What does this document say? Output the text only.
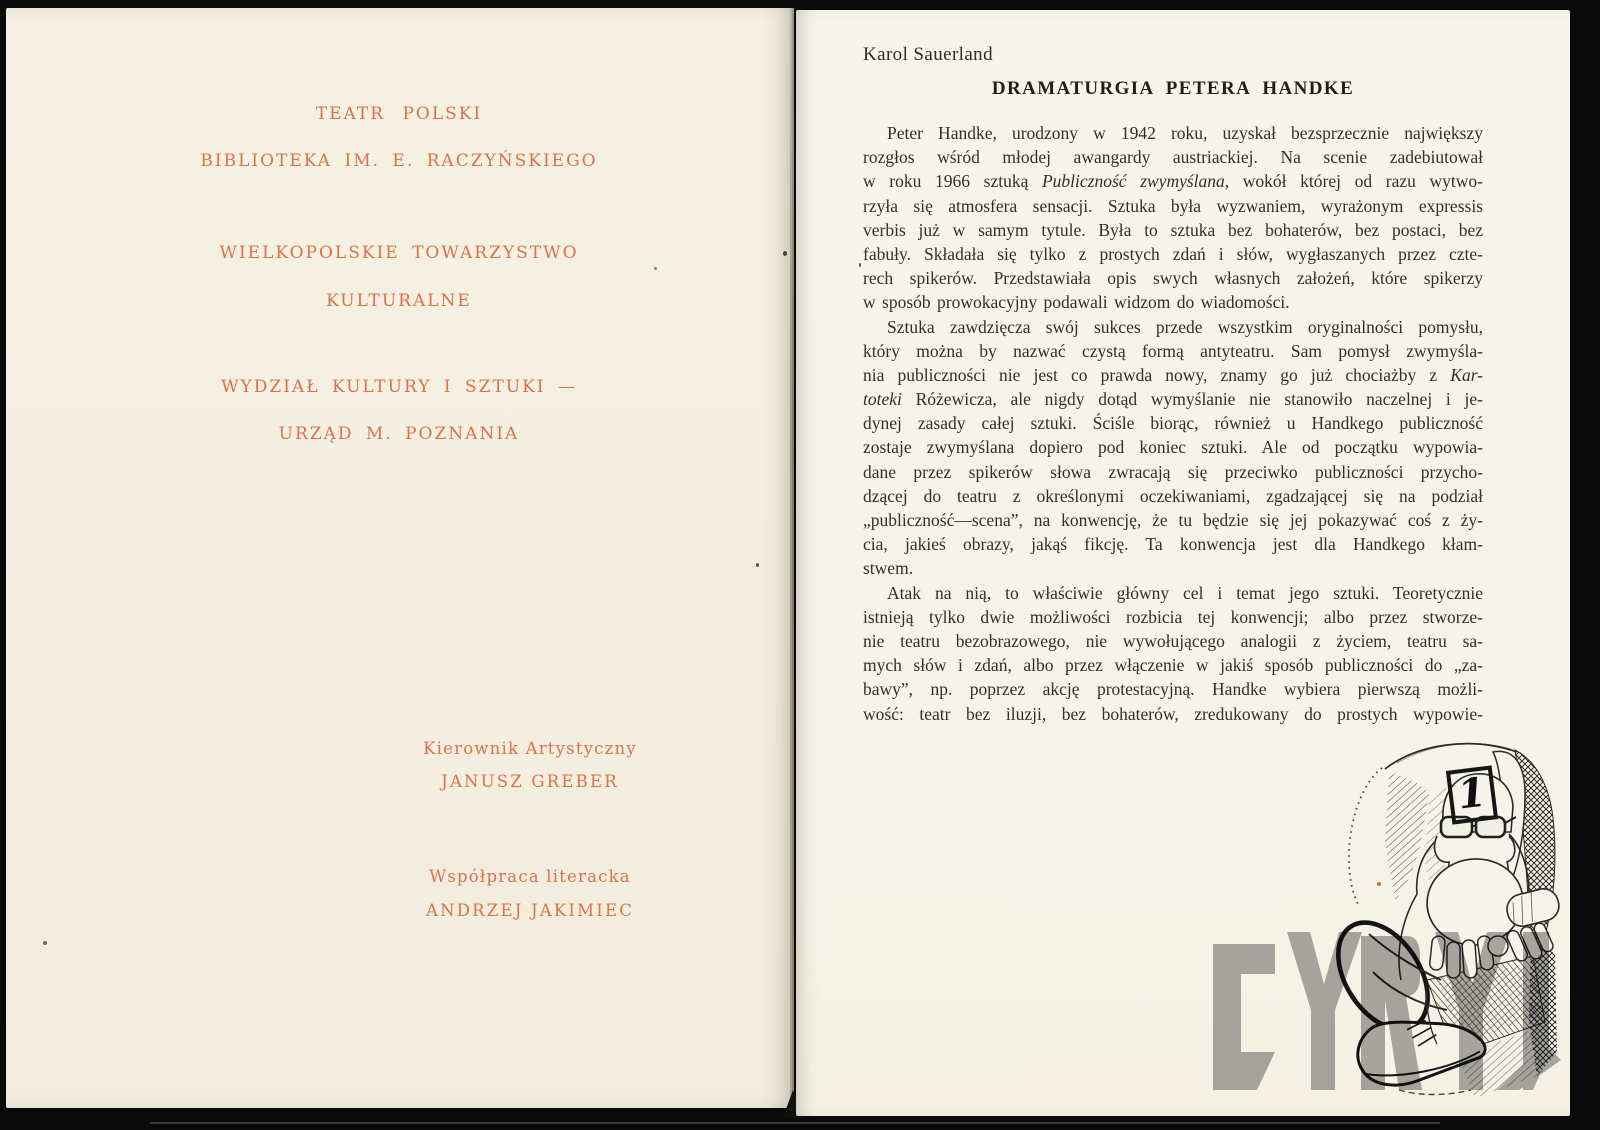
TEATR POLSKI
BIBLIOTEKA IM. E. RACZYŃSKIEGO
WIELKOPOLSKIE TOWARZYSTWO
KULTURALNE
WYDZIAŁ KULTURY I SZTUKI —
URZĄD M. POZNANIA
Kierownik Artystyczny
JANUSZ GREBER
Współpraca literacka
ANDRZEJ JAKIMIEC
Karol Sauerland
DRAMATURGIA PETERA HANDKE
Peter Handke, urodzony w 1942 roku, uzyskał bezsprzecznie największy
rozgłos wśród młodej awangardy austriackiej. Na scenie zadebiutował
w roku 1966 sztuką Publiczność zwymyślana, wokół której od razu wytwo-
rzyła się atmosfera sensacji. Sztuka była wyzwaniem, wyrażonym expressis
verbis już w samym tytule. Była to sztuka bez bohaterów, bez postaci, bez
fabuły. Składała się tylko z prostych zdań i słów, wygłaszanych przez czte-
rech spikerów. Przedstawiała opis swych własnych założeń, które spikerzy
w sposób prowokacyjny podawali widzom do wiadomości.
Sztuka zawdzięcza swój sukces przede wszystkim oryginalności pomysłu,
który można by nazwać czystą formą antyteatru. Sam pomysł zwymyśla-
nia publiczności nie jest co prawda nowy, znamy go już chociażby z Kar-
toteki Różewicza, ale nigdy dotąd wymyślanie nie stanowiło naczelnej i je-
dynej zasady całej sztuki. Ściśle biorąc, również u Handkego publiczność
zostaje zwymyślana dopiero pod koniec sztuki. Ale od początku wypowia-
dane przez spikerów słowa zwracają się przeciwko publiczności przycho-
dzącej do teatru z określonymi oczekiwaniami, zgadzającej się na podział
„publiczność—scena”, na konwencję, że tu będzie się jej pokazywać coś z ży-
cia, jakieś obrazy, jakąś fikcję. Ta konwencja jest dla Handkego kłam-
stwem.
Atak na nią, to właściwie główny cel i temat jego sztuki. Teoretycznie
istnieją tylko dwie możliwości rozbicia tej konwencji; albo przez stworze-
nie teatru bezobrazowego, nie wywołującego analogii z życiem, teatru sa-
mych słów i zdań, albo przez włączenie w jakiś sposób publiczności do „za-
bawy”, np. poprzez akcję protestacyjną. Handke wybiera pierwszą możli-
wość: teatr bez iluzji, bez bohaterów, zredukowany do prostych wypowie-
1
